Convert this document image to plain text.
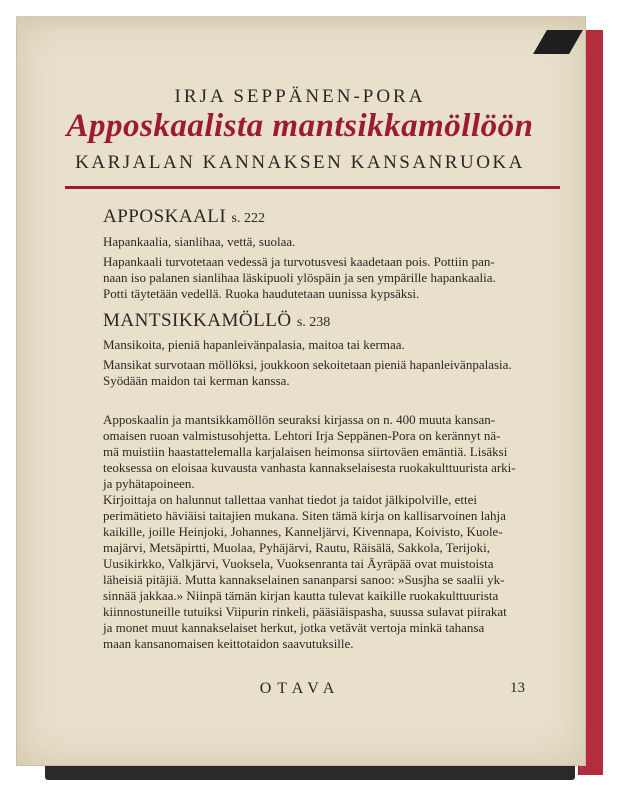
IRJA SEPPÄNEN-PORA
Apposkaalista mantsikkamöllöön
KARJALAN KANNAKSEN KANSANRUOKA
APPOSKAALI s. 222

Hapankaalia, sianlihaa, vettä, suolaa.

Hapankaali turvotetaan vedessä ja turvotusvesi kaadetaan pois. Pottiin pan-
naan iso palanen sianlihaa läskipuoli ylöspäin ja sen ympärille hapankaalia.
Potti täytetään vedellä. Ruoka haudutetaan uunissa kypsäksi.
MANTSIKKAMÖLLÖ s. 238

Mansikoita, pieniä hapanleivänpalasia, maitoa tai kermaa.

Mansikat survotaan möllöksi, joukkoon sekoitetaan pieniä hapanleivänpalasia.
Syödään maidon tai kerman kanssa.
Apposkaalin ja mantsikkamöllön seuraksi kirjassa on n. 400 muuta kansan-
omaisen ruoan valmistusohjetta. Lehtori Irja Seppänen-Pora on kerännyt nä-
mä muistiin haastattelemalla karjalaisen heimonsa siirtoväen emäntiä. Lisäksi
teoksessa on eloisaa kuvausta vanhasta kannakselaisesta ruokakulttuurista arki-
ja pyhätapoineen.
Kirjoittaja on halunnut tallettaa vanhat tiedot ja taidot jälkipolville, ettei
perimätieto häviäisi taitajien mukana. Siten tämä kirja on kallisarvoinen lahja
kaikille, joille Heinjoki, Johannes, Kanneljärvi, Kivennapa, Koivisto, Kuole-
majärvi, Metsäpirtti, Muolaa, Pyhäjärvi, Rautu, Räisälä, Sakkola, Terijoki,
Uusikirkko, Valkjärvi, Vuoksela, Vuoksenranta tai Äyräpää ovat muistoista
läheisiä pitäjiä. Mutta kannakselainen sananparsi sanoo: »Susjha se saalii yk-
sinnää jakkaa.» Niinpä tämän kirjan kautta tulevat kaikille ruokakulttuurista
kiinnostuneille tutuiksi Viipurin rinkeli, pääsiäispasha, suussa sulavat piirakat
ja monet muut kannakselaiset herkut, jotka vetävät vertoja minkä tahansa
maan kansanomaisen keittotaidon saavutuksille.
OTAVA	13
